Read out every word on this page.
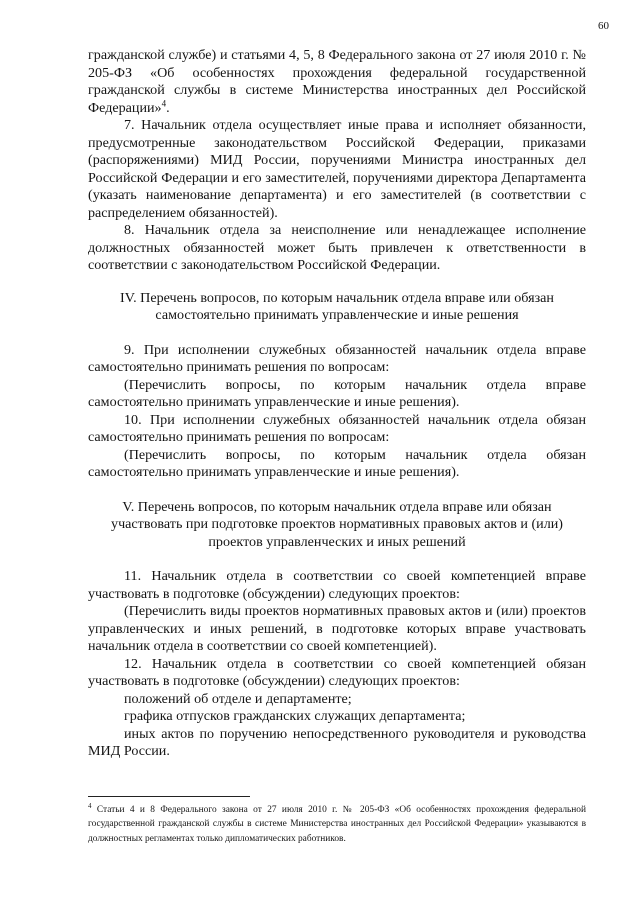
60

гражданской службе) и статьями 4, 5, 8 Федерального закона от 27 июля 2010 г. № 205-ФЗ «Об особенностях прохождения федеральной государственной гражданской службы в системе Министерства иностранных дел Российской Федерации»$^4$.

7. Начальник отдела осуществляет иные права и исполняет обязанности, предусмотренные законодательством Российской Федерации, приказами (распоряжениями) МИД России, поручениями Министра иностранных дел Российской Федерации и его заместителей, поручениями директора Департамента (указать наименование департамента) и его заместителей (в соответствии с распределением обязанностей).

8. Начальник отдела за неисполнение или ненадлежащее исполнение должностных обязанностей может быть привлечен к ответственности в соответствии с законодательством Российской Федерации.

IV. Перечень вопросов, по которым начальник отдела вправе или обязан самостоятельно принимать управленческие и иные решения

9. При исполнении служебных обязанностей начальник отдела вправе самостоятельно принимать решения по вопросам:

(Перечислить вопросы, по которым начальник отдела вправе самостоятельно принимать управленческие и иные решения).

10. При исполнении служебных обязанностей начальник отдела обязан самостоятельно принимать решения по вопросам:

(Перечислить вопросы, по которым начальник отдела обязан самостоятельно принимать управленческие и иные решения).

V. Перечень вопросов, по которым начальник отдела вправе или обязан участвовать при подготовке проектов нормативных правовых актов и (или) проектов управленческих и иных решений

11. Начальник отдела в соответствии со своей компетенцией вправе участвовать в подготовке (обсуждении) следующих проектов:

(Перечислить виды проектов нормативных правовых актов и (или) проектов управленческих и иных решений, в подготовке которых вправе участвовать начальник отдела в соответствии со своей компетенцией).

12. Начальник отдела в соответствии со своей компетенцией обязан участвовать в подготовке (обсуждении) следующих проектов:

положений об отделе и департаменте;

графика отпусков гражданских служащих департамента;

иных актов по поручению непосредственного руководителя и руководства МИД России.

$^4$ Статьи 4 и 8 Федерального закона от 27 июля 2010 г. № 205-ФЗ «Об особенностях прохождения федеральной государственной гражданской службы в системе Министерства иностранных дел Российской Федерации» указываются в должностных регламентах только дипломатических работников.
